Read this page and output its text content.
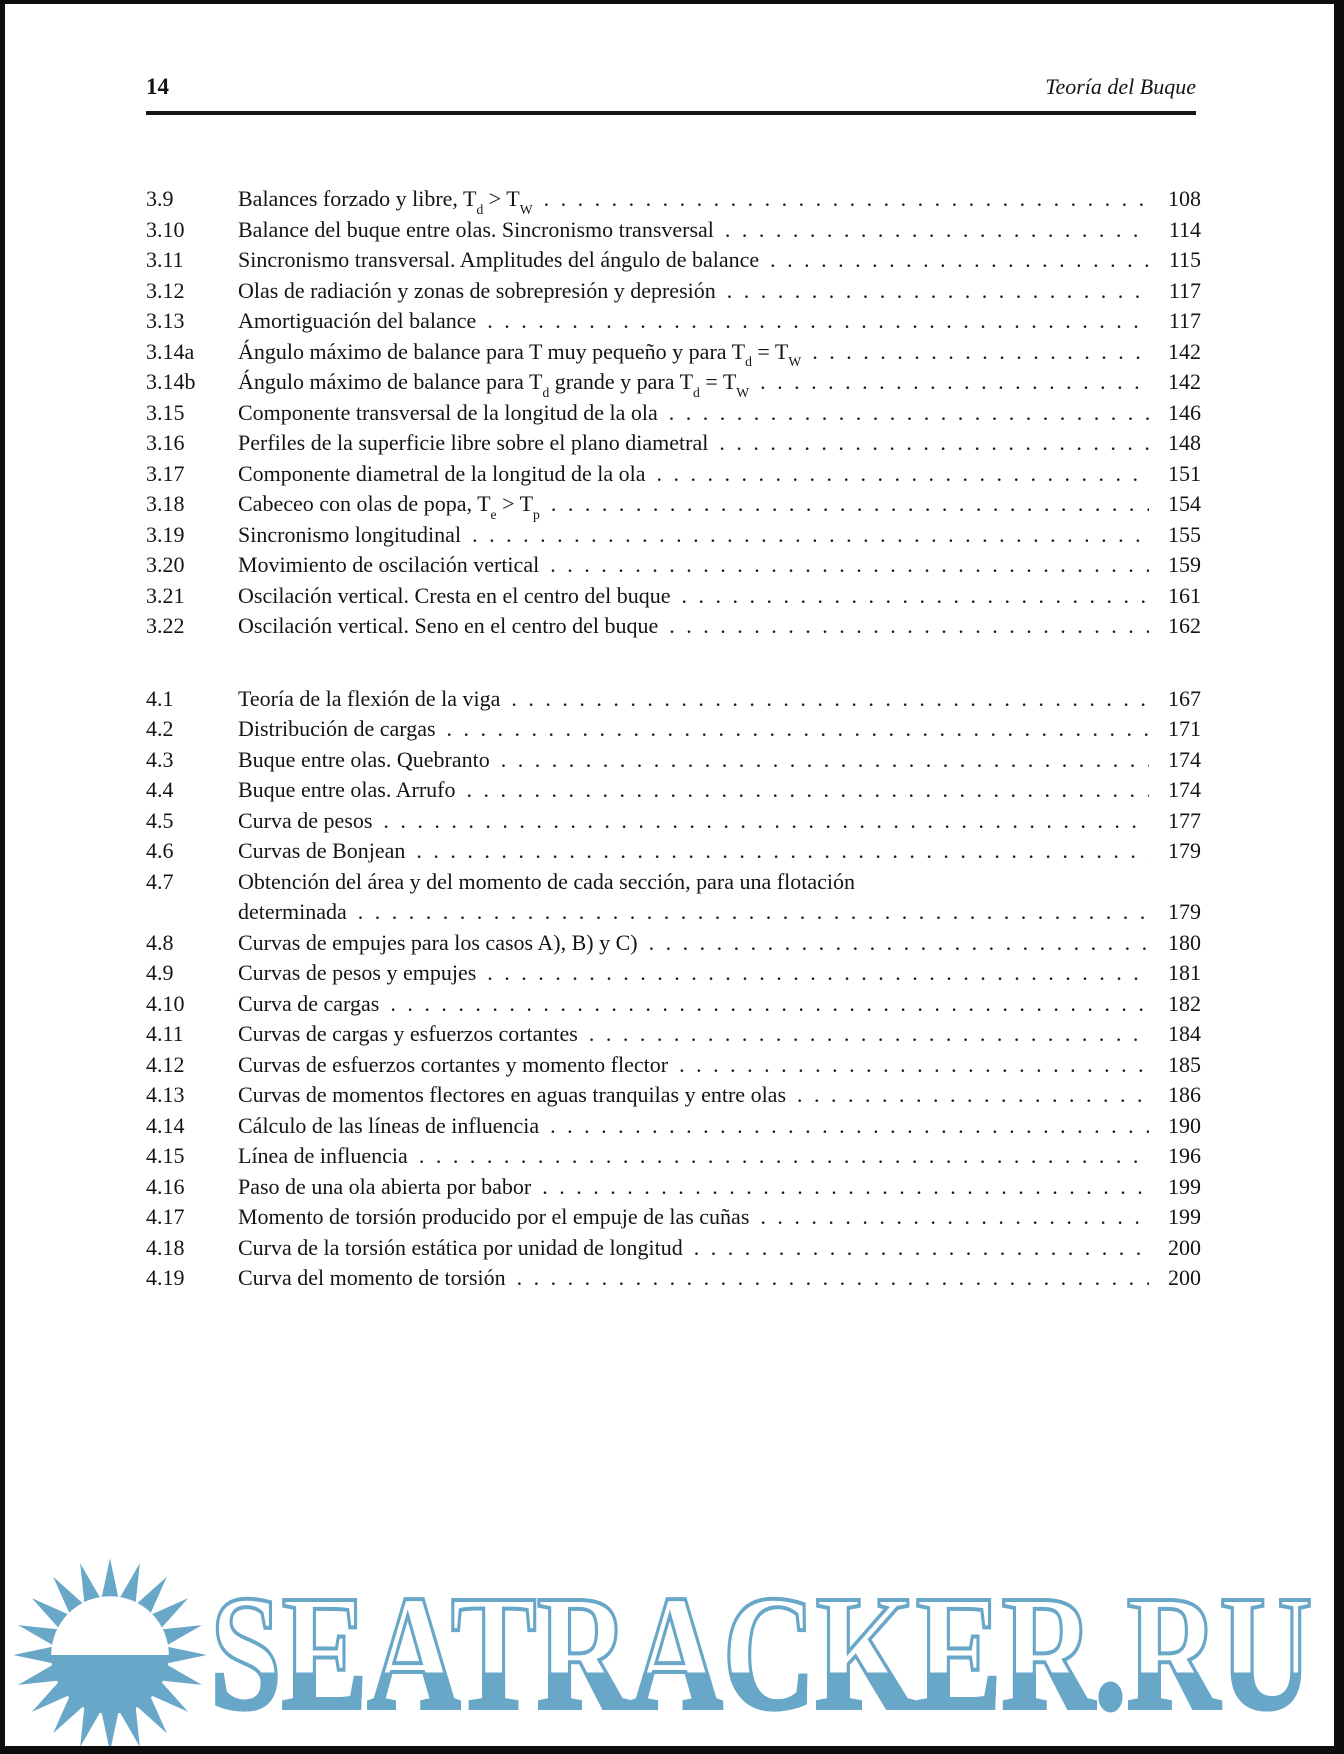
14	Teoría del Buque
3.9	Balances forzado y libre, $T_d > T_W$ .....	108
3.10	Balance del buque entre olas. Sincronismo transversal .....	114
3.11	Sincronismo transversal. Amplitudes del ángulo de balance .....	115
3.12	Olas de radiación y zonas de sobrepresión y depresión .....	117
3.13	Amortiguación del balance .....	117
3.14a	Ángulo máximo de balance para T muy pequeño y para $T_d = T_W$ .....	142
3.14b	Ángulo máximo de balance para $T_d$ grande y para $T_d = T_W$ .....	142
3.15	Componente transversal de la longitud de la ola .....	146
3.16	Perfiles de la superficie libre sobre el plano diametral .....	148
3.17	Componente diametral de la longitud de la ola .....	151
3.18	Cabeceo con olas de popa, $T_e > T_p$ .....	154
3.19	Sincronismo longitudinal .....	155
3.20	Movimiento de oscilación vertical .....	159
3.21	Oscilación vertical. Cresta en el centro del buque .....	161
3.22	Oscilación vertical. Seno en el centro del buque .....	162
4.1	Teoría de la flexión de la viga .....	167
4.2	Distribución de cargas .....	171
4.3	Buque entre olas. Quebranto .....	174
4.4	Buque entre olas. Arrufo .....	174
4.5	Curva de pesos .....	177
4.6	Curvas de Bonjean .....	179
4.7	Obtención del área y del momento de cada sección, para una flotación
determinada .....	179
4.8	Curvas de empujes para los casos A), B) y C) .....	180
4.9	Curvas de pesos y empujes .....	181
4.10	Curva de cargas .....	182
4.11	Curvas de cargas y esfuerzos cortantes .....	184
4.12	Curvas de esfuerzos cortantes y momento flector .....	185
4.13	Curvas de momentos flectores en aguas tranquilas y entre olas .....	186
4.14	Cálculo de las líneas de influencia .....	190
4.15	Línea de influencia .....	196
4.16	Paso de una ola abierta por babor .....	199
4.17	Momento de torsión producido por el empuje de las cuñas .....	199
4.18	Curva de la torsión estática por unidad de longitud .....	200
4.19	Curva del momento de torsión .....	200
SEATRACKER.RU
